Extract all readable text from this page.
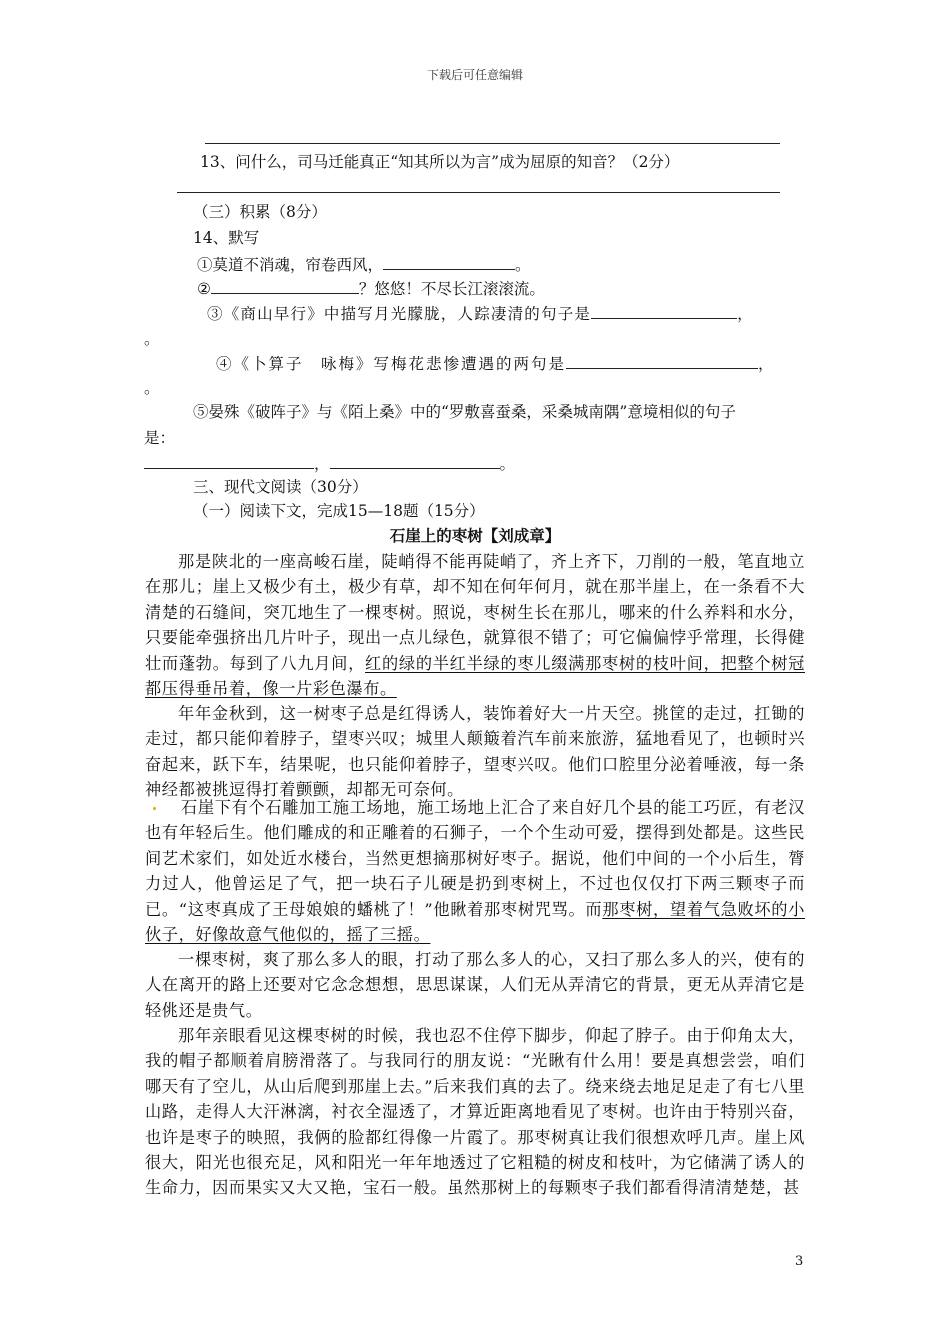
下载后可任意编辑
13、问什么，司马迁能真正“知其所以为言”成为屈原的知音？（2分）
（三）积累（8分）
14、默写
①莫道不消魂，帘卷西风，	。
②	？悠悠！不尽长江滚滚流。
③《商山早行》中描写月光朦胧，人踪凄清的句子是	，
。
④《卜算子　咏梅》写梅花悲惨遭遇的两句是	，
。
⑤晏殊《破阵子》与《陌上桑》中的“罗敷喜蚕桑，采桑城南隅”意境相似的句子
是：
，	。
三、现代文阅读（30分）
（一）阅读下文，完成15—18题（15分）
石崖上的枣树【刘成章】
那是陕北的一座高峻石崖，陡峭得不能再陡峭了，齐上齐下，刀削的一般，笔直地立在那儿；崖上又极少有土，极少有草，却不知在何年何月，就在那半崖上，在一条看不大清楚的石缝间，突兀地生了一棵枣树。照说，枣树生长在那儿，哪来的什么养料和水分，只要能牵强挤出几片叶子，现出一点儿绿色，就算很不错了；可它偏偏悖乎常理，长得健壮而蓬勃。每到了八九月间，红的绿的半红半绿的枣儿缀满那枣树的枝叶间，把整个树冠都压得垂吊着，像一片彩色瀑布。
年年金秋到，这一树枣子总是红得诱人，装饰着好大一片天空。挑筐的走过，扛锄的走过，都只能仰着脖子，望枣兴叹；城里人颠簸着汽车前来旅游，猛地看见了，也顿时兴奋起来，跃下车，结果呢，也只能仰着脖子，望枣兴叹。他们口腔里分泌着唾液，每一条神经都被挑逗得打着颤颤，却都无可奈何。
石崖下有个石雕加工施工场地，施工场地上汇合了来自好几个县的能工巧匠，有老汉也有年轻后生。他们雕成的和正雕着的石狮子，一个个生动可爱，摆得到处都是。这些民间艺术家们，如处近水楼台，当然更想摘那树好枣子。据说，他们中间的一个小后生，膂力过人，他曾运足了气，把一块石子儿硬是扔到枣树上，不过也仅仅打下两三颗枣子而已。“这枣真成了王母娘娘的蟠桃了！”他瞅着那枣树咒骂。而那枣树，望着气急败坏的小伙子，好像故意气他似的，摇了三摇。
一棵枣树，爽了那么多人的眼，打动了那么多人的心，又扫了那么多人的兴，使有的人在离开的路上还要对它念念想想，思思谋谋，人们无从弄清它的背景，更无从弄清它是轻佻还是贵气。
那年亲眼看见这棵枣树的时候，我也忍不住停下脚步，仰起了脖子。由于仰角太大，我的帽子都顺着肩膀滑落了。与我同行的朋友说：“光瞅有什么用！要是真想尝尝，咱们哪天有了空儿，从山后爬到那崖上去。”后来我们真的去了。绕来绕去地足足走了有七八里山路，走得人大汗淋漓，衬衣全湿透了，才算近距离地看见了枣树。也许由于特别兴奋，也许是枣子的映照，我俩的脸都红得像一片霞了。那枣树真让我们很想欢呼几声。崖上风很大，阳光也很充足，风和阳光一年年地透过了它粗糙的树皮和枝叶，为它储满了诱人的生命力，因而果实又大又艳，宝石一般。虽然那树上的每颗枣子我们都看得清清楚楚，甚
3
